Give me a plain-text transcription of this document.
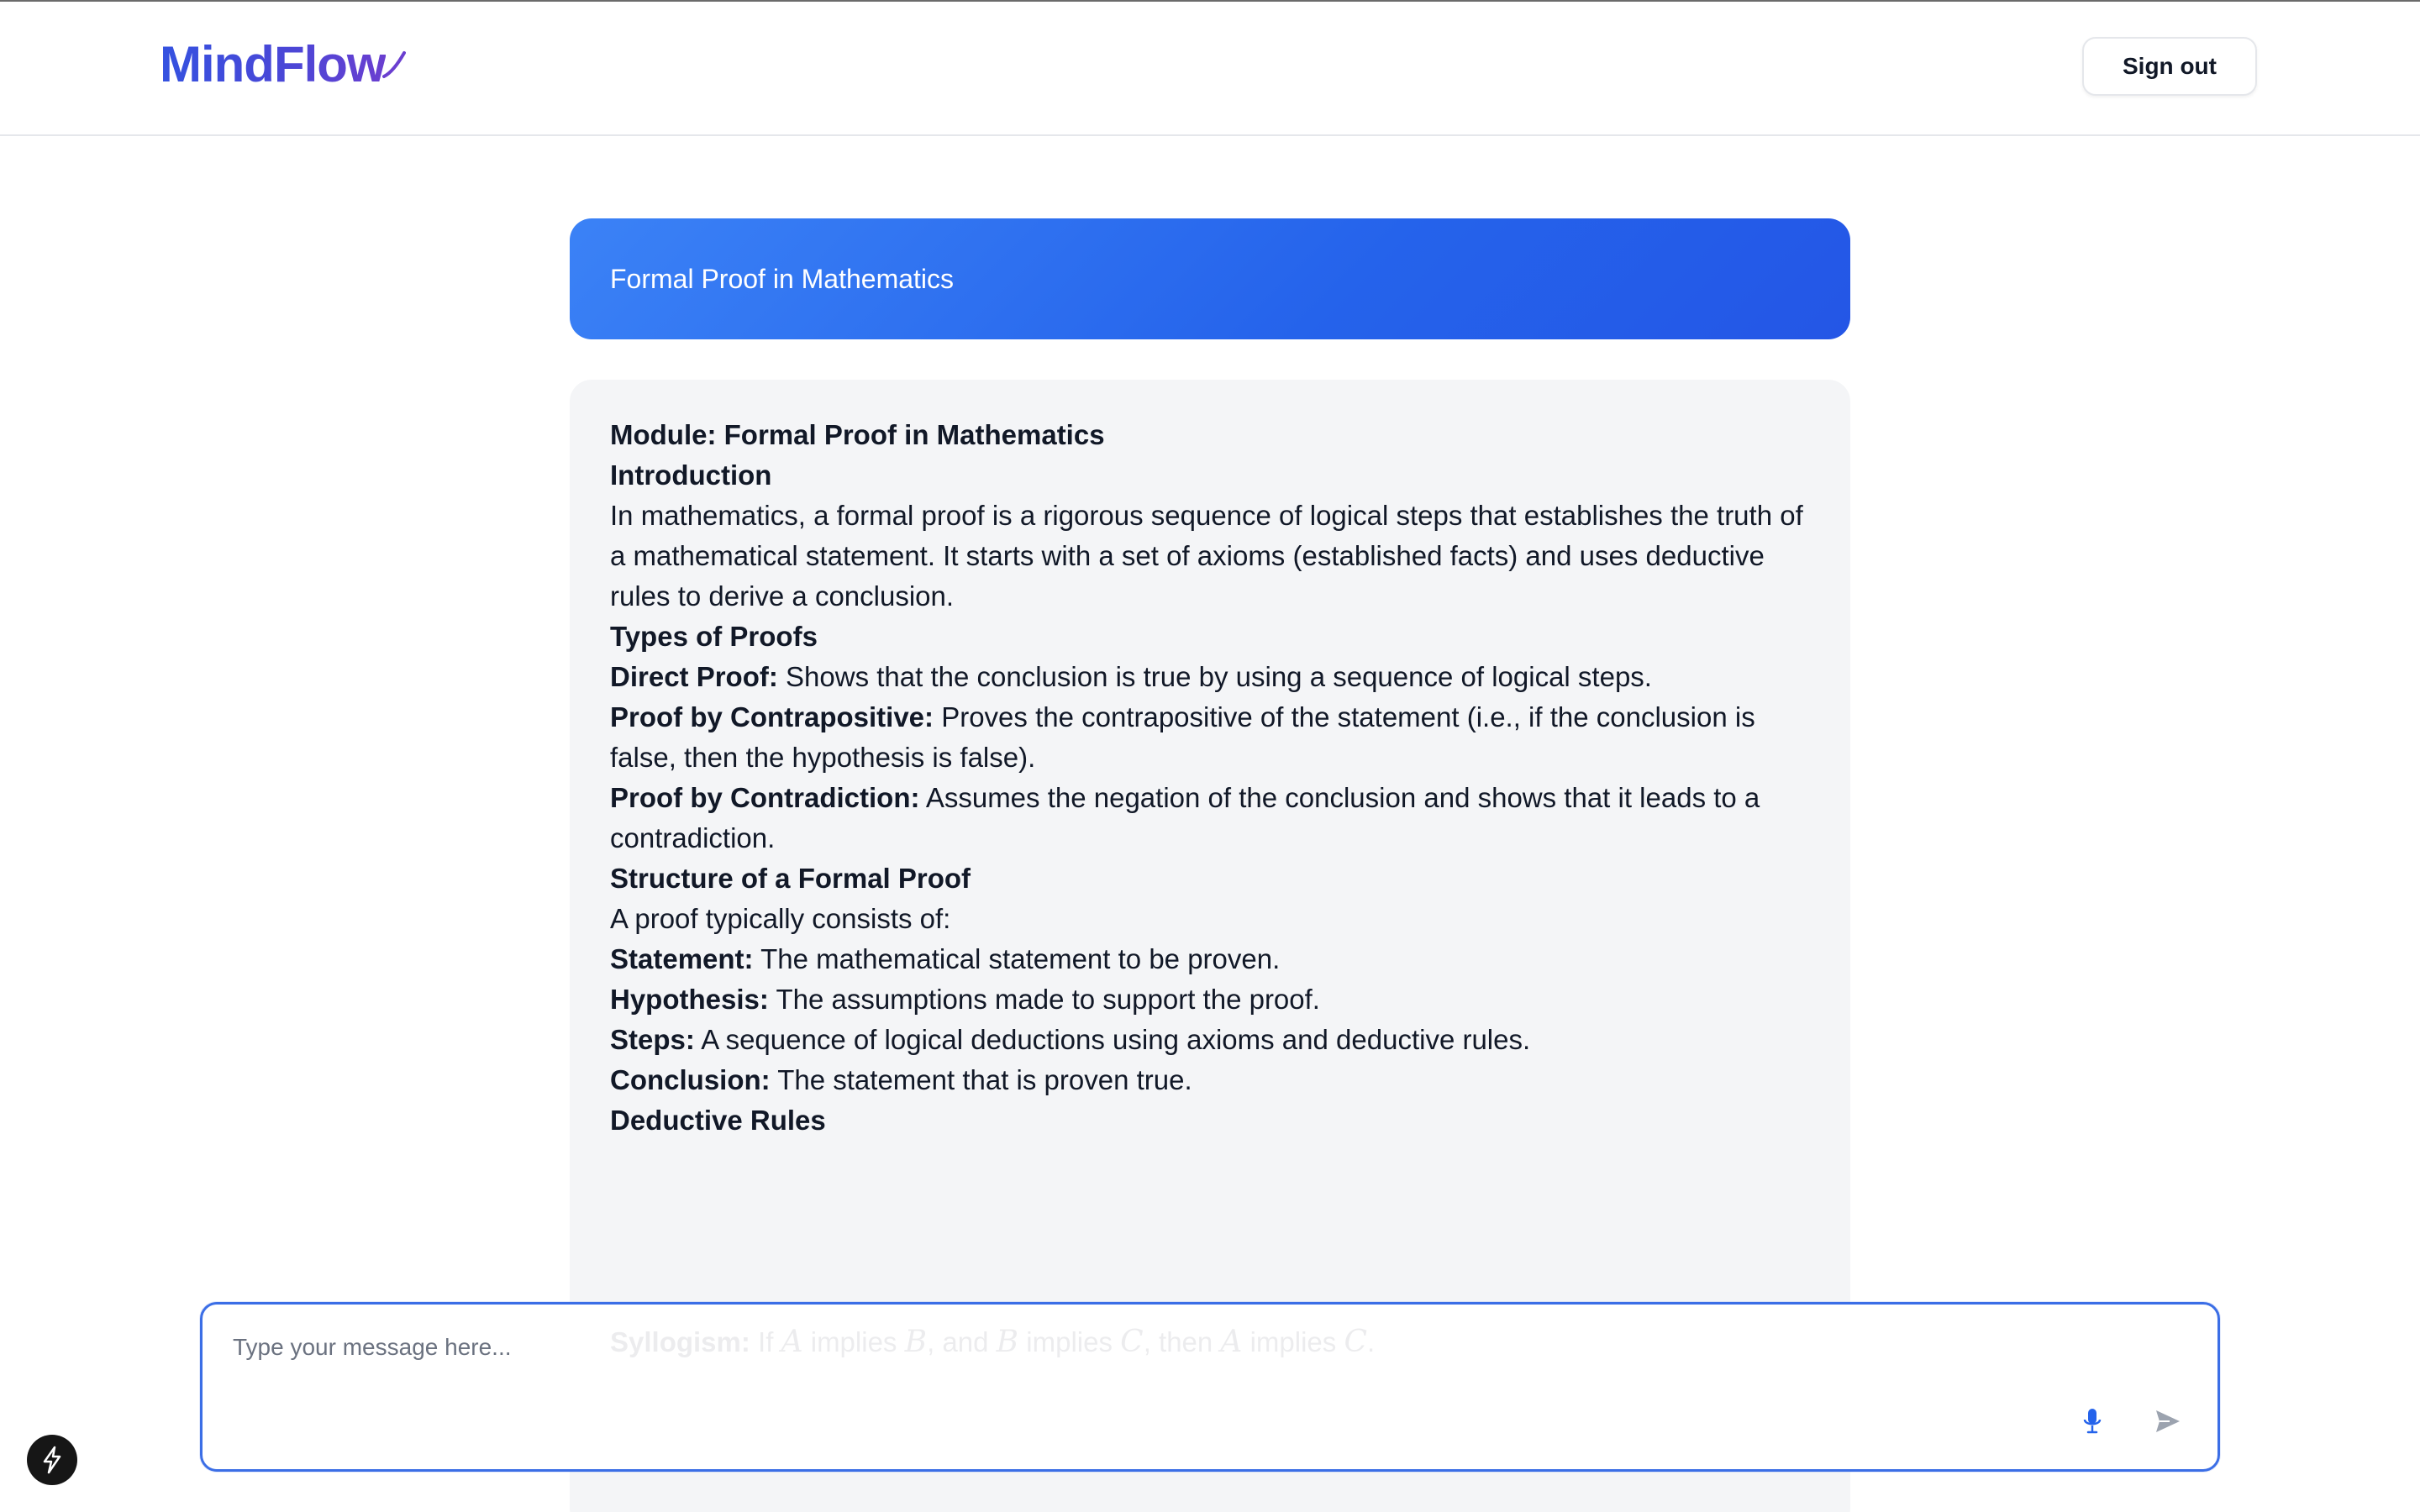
MindFlow	Sign out
Formal Proof in Mathematics

Module: Formal Proof in Mathematics

Introduction

In mathematics, a formal proof is a rigorous sequence of logical steps that establishes the truth of a mathematical statement. It starts with a set of axioms (established facts) and uses deductive rules to derive a conclusion.

Types of Proofs

Direct Proof: Shows that the conclusion is true by using a sequence of logical steps.

Proof by Contrapositive: Proves the contrapositive of the statement (i.e., if the conclusion is false, then the hypothesis is false).

Proof by Contradiction: Assumes the negation of the conclusion and shows that it leads to a contradiction.

Structure of a Formal Proof

A proof typically consists of:

Statement: The mathematical statement to be proven.

Hypothesis: The assumptions made to support the proof.

Steps: A sequence of logical deductions using axioms and deductive rules.

Conclusion: The statement that is proven true.

Deductive Rules

Type your message here...
